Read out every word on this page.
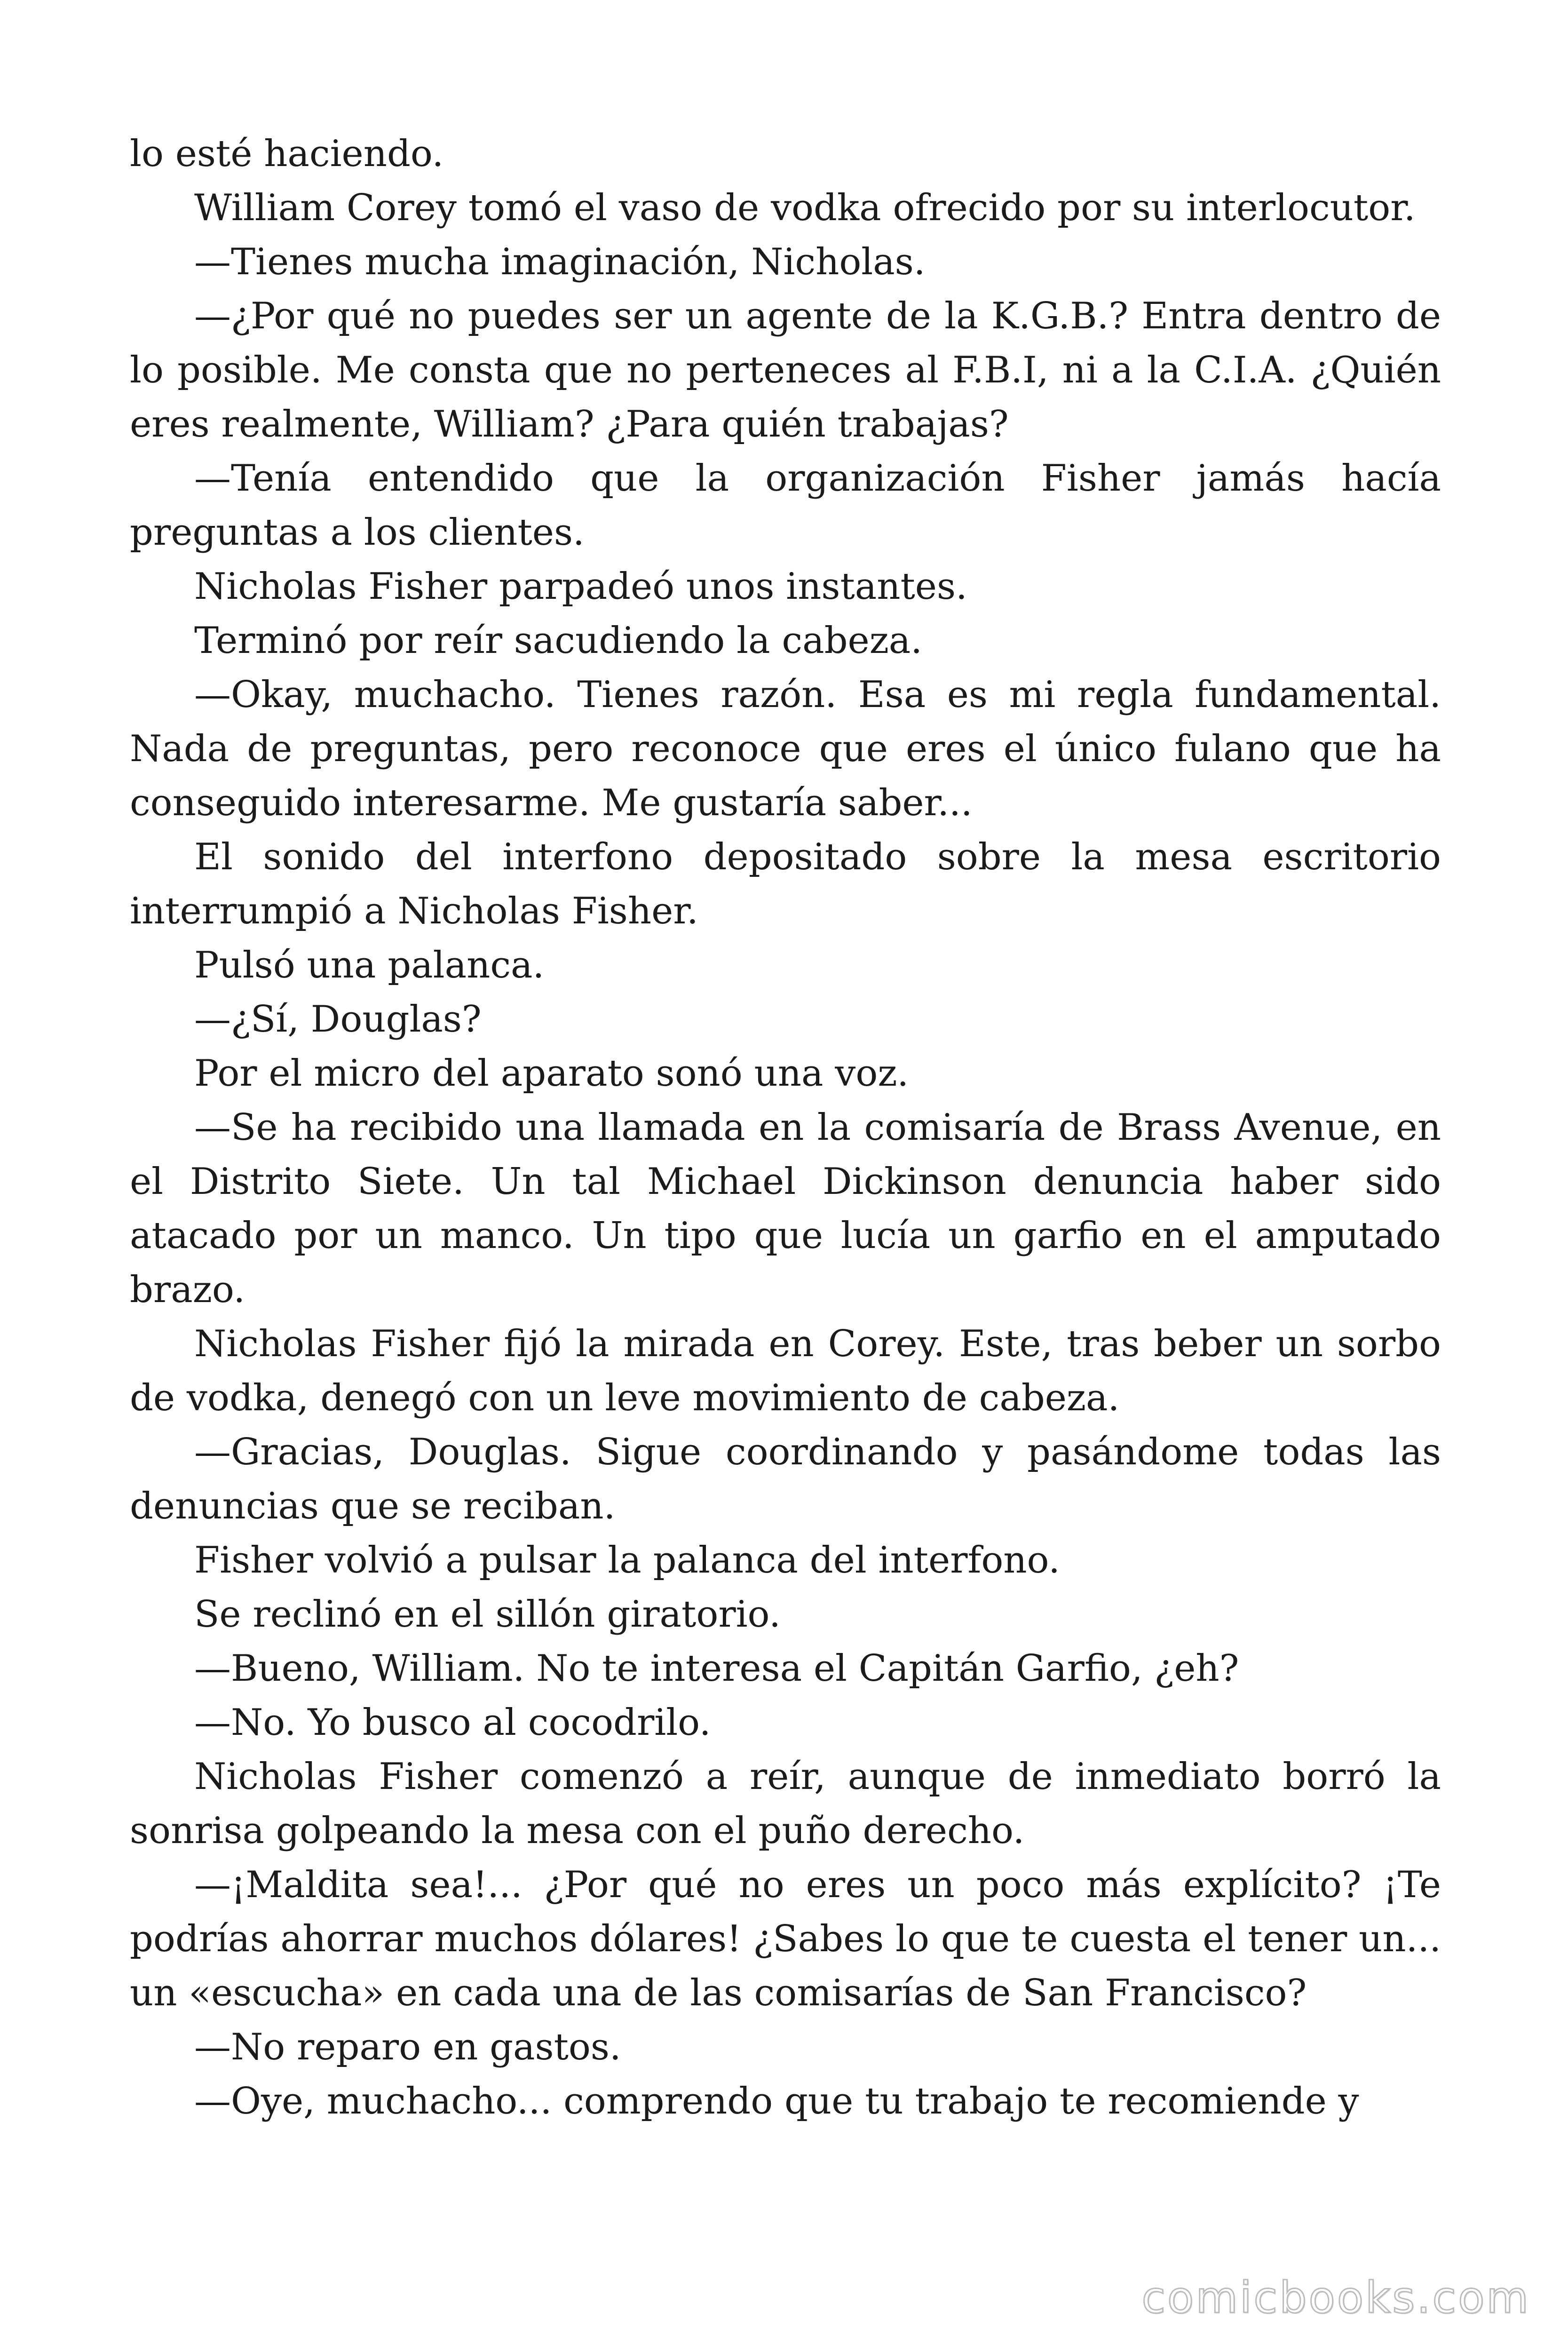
lo esté haciendo.

William Corey tomó el vaso de vodka ofrecido por su interlocutor.

—Tienes mucha imaginación, Nicholas.

—¿Por qué no puedes ser un agente de la K.G.B.? Entra dentro de lo posible. Me consta que no perteneces al F.B.I, ni a la C.I.A. ¿Quién eres realmente, William? ¿Para quién trabajas?

—Tenía entendido que la organización Fisher jamás hacía preguntas a los clientes.

Nicholas Fisher parpadeó unos instantes.

Terminó por reír sacudiendo la cabeza.

—Okay, muchacho. Tienes razón. Esa es mi regla fundamental. Nada de preguntas, pero reconoce que eres el único fulano que ha conseguido interesarme. Me gustaría saber...

El sonido del interfono depositado sobre la mesa escritorio interrumpió a Nicholas Fisher.

Pulsó una palanca.

—¿Sí, Douglas?

Por el micro del aparato sonó una voz.

—Se ha recibido una llamada en la comisaría de Brass Avenue, en el Distrito Siete. Un tal Michael Dickinson denuncia haber sido atacado por un manco. Un tipo que lucía un garfio en el amputado brazo.

Nicholas Fisher fijó la mirada en Corey. Este, tras beber un sorbo de vodka, denegó con un leve movimiento de cabeza.

—Gracias, Douglas. Sigue coordinando y pasándome todas las denuncias que se reciban.

Fisher volvió a pulsar la palanca del interfono.

Se reclinó en el sillón giratorio.

—Bueno, William. No te interesa el Capitán Garfio, ¿eh?

—No. Yo busco al cocodrilo.

Nicholas Fisher comenzó a reír, aunque de inmediato borró la sonrisa golpeando la mesa con el puño derecho.

—¡Maldita sea!... ¿Por qué no eres un poco más explícito? ¡Te podrías ahorrar muchos dólares! ¿Sabes lo que te cuesta el tener un... un «escucha» en cada una de las comisarías de San Francisco?

—No reparo en gastos.

—Oye, muchacho... comprendo que tu trabajo te recomiende y

comicbooks.com
